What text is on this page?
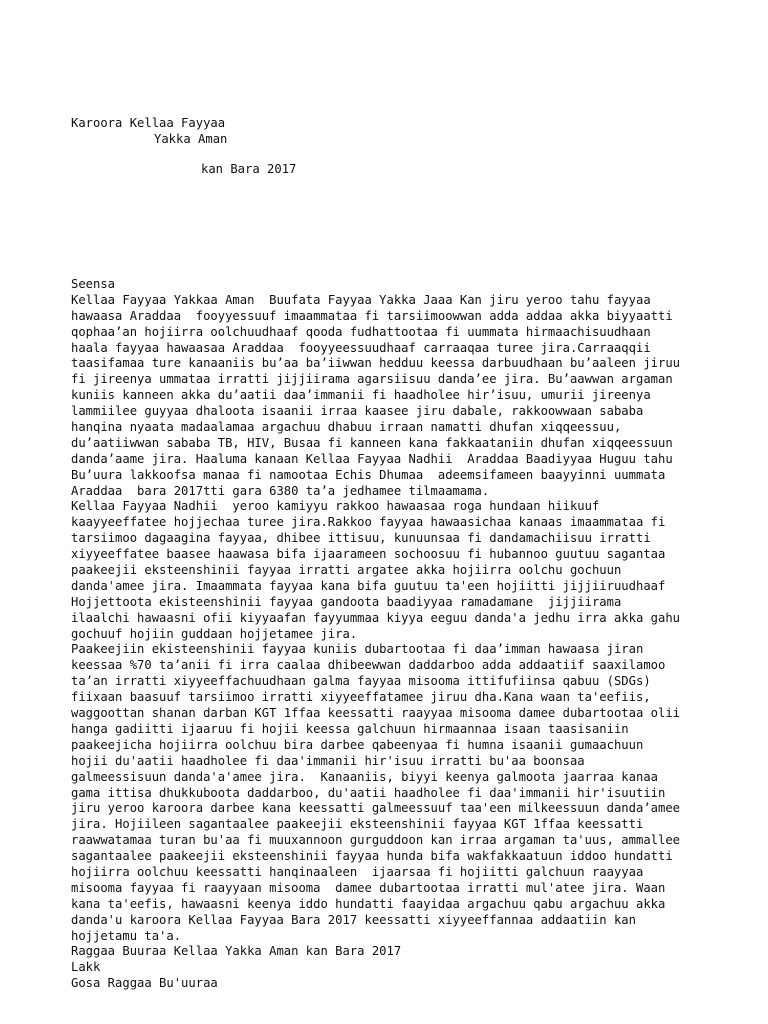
Karoora Kellaa Fayyaa
Yakka Aman
kan Bara 2017
Seensa
Kellaa Fayyaa Yakkaa Aman  Buufata Fayyaa Yakka Jaaa Kan jiru yeroo tahu fayyaa
hawaasa Araddaa  fooyyessuuf imaammataa fi tarsiimoowwan adda addaa akka biyyaatti
qophaa’an hojiirra oolchuudhaaf qooda fudhattootaa fi uummata hirmaachisuudhaan
haala fayyaa hawaasaa Araddaa  fooyyeessuudhaaf carraaqaa turee jira.Carraaqqii
taasifamaa ture kanaaniis bu’aa ba’iiwwan hedduu keessa darbuudhaan bu’aaleen jiruu
fi jireenya ummataa irratti jijjiirama agarsiisuu danda’ee jira. Bu’aawwan argaman
kuniis kanneen akka du’aatii daa’immanii fi haadholee hir’isuu, umurii jireenya
lammiilee guyyaa dhaloota isaanii irraa kaasee jiru dabale, rakkoowwaan sababa
hanqina nyaata madaalamaa argachuu dhabuu irraan namatti dhufan xiqqeessuu,
du’aatiiwwan sababa TB, HIV, Busaa fi kanneen kana fakkaataniin dhufan xiqqeessuun
danda’aame jira. Haaluma kanaan Kellaa Fayyaa Nadhii  Araddaa Baadiyyaa Huguu tahu
Bu’uura lakkoofsa manaa fi namootaa Echis Dhumaa  adeemsifameen baayyinni uummata
Araddaa  bara 2017tti gara 6380 ta’a jedhamee tilmaamama.
Kellaa Fayyaa Nadhii  yeroo kamiyyu rakkoo hawaasaa roga hundaan hiikuuf
kaayyeeffatee hojjechaa turee jira.Rakkoo fayyaa hawaasichaa kanaas imaammataa fi
tarsiimoo dagaagina fayyaa, dhibee ittisuu, kunuunsaa fi dandamachiisuu irratti
xiyyeeffatee baasee haawasa bifa ijaarameen sochoosuu fi hubannoo guutuu sagantaa
paakeejii eksteenshinii fayyaa irratti argatee akka hojiirra oolchu gochuun
danda'amee jira. Imaammata fayyaa kana bifa guutuu ta'een hojiitti jijjiiruudhaaf
Hojjettoota ekisteenshinii fayyaa gandoota baadiyyaa ramadamane  jijjiirama
ilaalchi hawaasni ofii kiyyaafan fayyummaa kiyya eeguu danda'a jedhu irra akka gahu
gochuuf hojiin guddaan hojjetamee jira.
Paakeejiin ekisteenshinii fayyaa kuniis dubartootaa fi daa’imman hawaasa jiran
keessaa %70 ta’anii fi irra caalaa dhibeewwan daddarboo adda addaatiif saaxilamoo
ta’an irratti xiyyeeffachuudhaan galma fayyaa misooma ittifufiinsa qabuu (SDGs)
fiixaan baasuuf tarsiimoo irratti xiyyeeffatamee jiruu dha.Kana waan ta'eefiis,
waggoottan shanan darban KGT 1ffaa keessatti raayyaa misooma damee dubartootaa olii
hanga gadiitti ijaaruu fi hojii keessa galchuun hirmaannaa isaan taasisaniin
paakeejicha hojiirra oolchuu bira darbee qabeenyaa fi humna isaanii gumaachuun
hojii du'aatii haadholee fi daa'immanii hir'isuu irratti bu'aa boonsaa
galmeessisuun danda'a'amee jira.  Kanaaniis, biyyi keenya galmoota jaarraa kanaa
gama ittisa dhukkuboota daddarboo, du'aatii haadholee fi daa'immanii hir'isuutiin
jiru yeroo karoora darbee kana keessatti galmeessuuf taa'een milkeessuun danda’amee
jira. Hojiileen sagantaalee paakeejii eksteenshinii fayyaa KGT 1ffaa keessatti
raawwatamaa turan bu'aa fi muuxannoon gurguddoon kan irraa argaman ta'uus, ammallee
sagantaalee paakeejii eksteenshinii fayyaa hunda bifa wakfakkaatuun iddoo hundatti
hojiirra oolchuu keessatti hanqinaaleen  ijaarsaa fi hojiitti galchuun raayyaa
misooma fayyaa fi raayyaan misooma  damee dubartootaa irratti mul'atee jira. Waan
kana ta'eefis, hawaasni keenya iddo hundatti faayidaa argachuu qabu argachuu akka
danda'u karoora Kellaa Fayyaa Bara 2017 keessatti xiyyeeffannaa addaatiin kan
hojjetamu ta'a.
Raggaa Buuraa Kellaa Yakka Aman kan Bara 2017
Lakk
Gosa Raggaa Bu'uuraa
